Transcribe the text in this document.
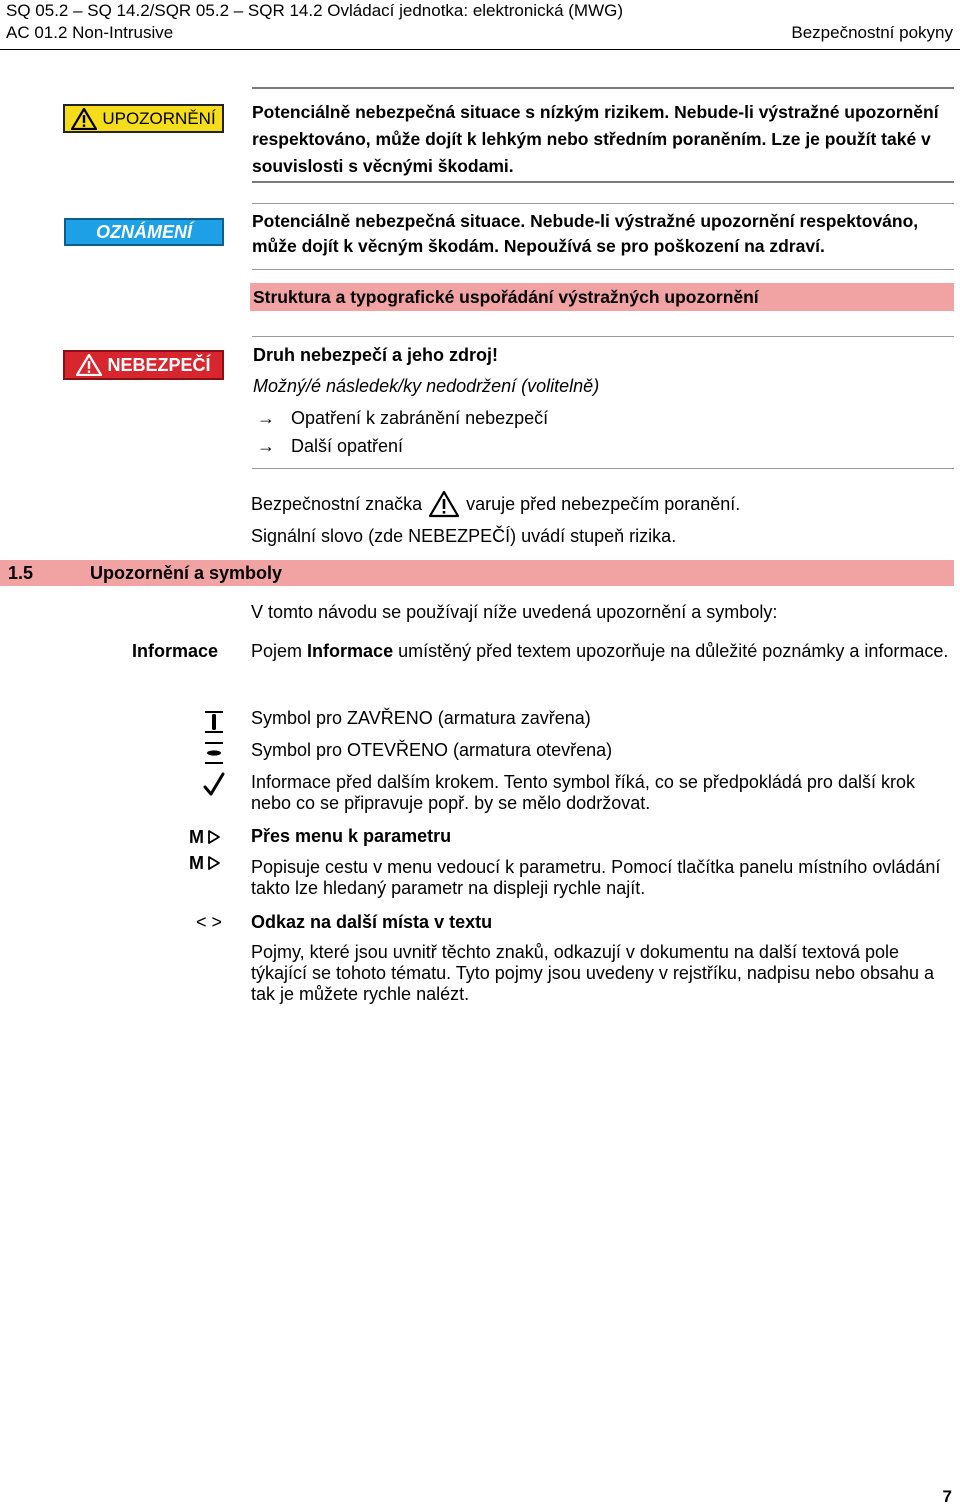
SQ 05.2 – SQ 14.2/SQR 05.2 – SQR 14.2 Ovládací jednotka: elektronická (MWG)
AC 01.2 Non-Intrusive	Bezpečnostní pokyny
UPOZORNĚNÍ Potenciálně nebezpečná situace s nízkým rizikem. Nebude-li výstražné upozornění respektováno, může dojít k lehkým nebo středním poraněním. Lze je použít také v souvislosti s věcnými škodami.
OZNÁMENÍ
Potenciálně nebezpečná situace. Nebude-li výstražné upozornění respektováno, může dojít k věcným škodám. Nepoužívá se pro poškození na zdraví.
Struktura a typografické uspořádání výstražných upozornění
NEBEZPEČÍ Druh nebezpečí a jeho zdroj!
Možný/é následek/ky nedodržení (volitelně)
→ Opatření k zabránění nebezpečí
→ Další opatření
Bezpečnostní značka varuje před nebezpečím poranění.
Signální slovo (zde NEBEZPEČÍ) uvádí stupeň rizika.
1.5	Upozornění a symboly
V tomto návodu se používají níže uvedená upozornění a symboly:
Informace Pojem Informace umístěný před textem upozorňuje na důležité poznámky a informace.
Symbol pro ZAVŘENO (armatura zavřena)
Symbol pro OTEVŘENO (armatura otevřena)
Informace před dalším krokem. Tento symbol říká, co se předpokládá pro další krok nebo co se připravuje popř. by se mělo dodržovat.
M
M
Přes menu k parametru
Popisuje cestu v menu vedoucí k parametru. Pomocí tlačítka panelu místního ovládání takto lze hledaný parametr na displeji rychle najít.
< > Odkaz na další místa v textu
Pojmy, které jsou uvnitř těchto znaků, odkazují v dokumentu na další textová pole týkající se tohoto tématu. Tyto pojmy jsou uvedeny v rejstříku, nadpisu nebo obsahu a tak je můžete rychle nalézt.
7
